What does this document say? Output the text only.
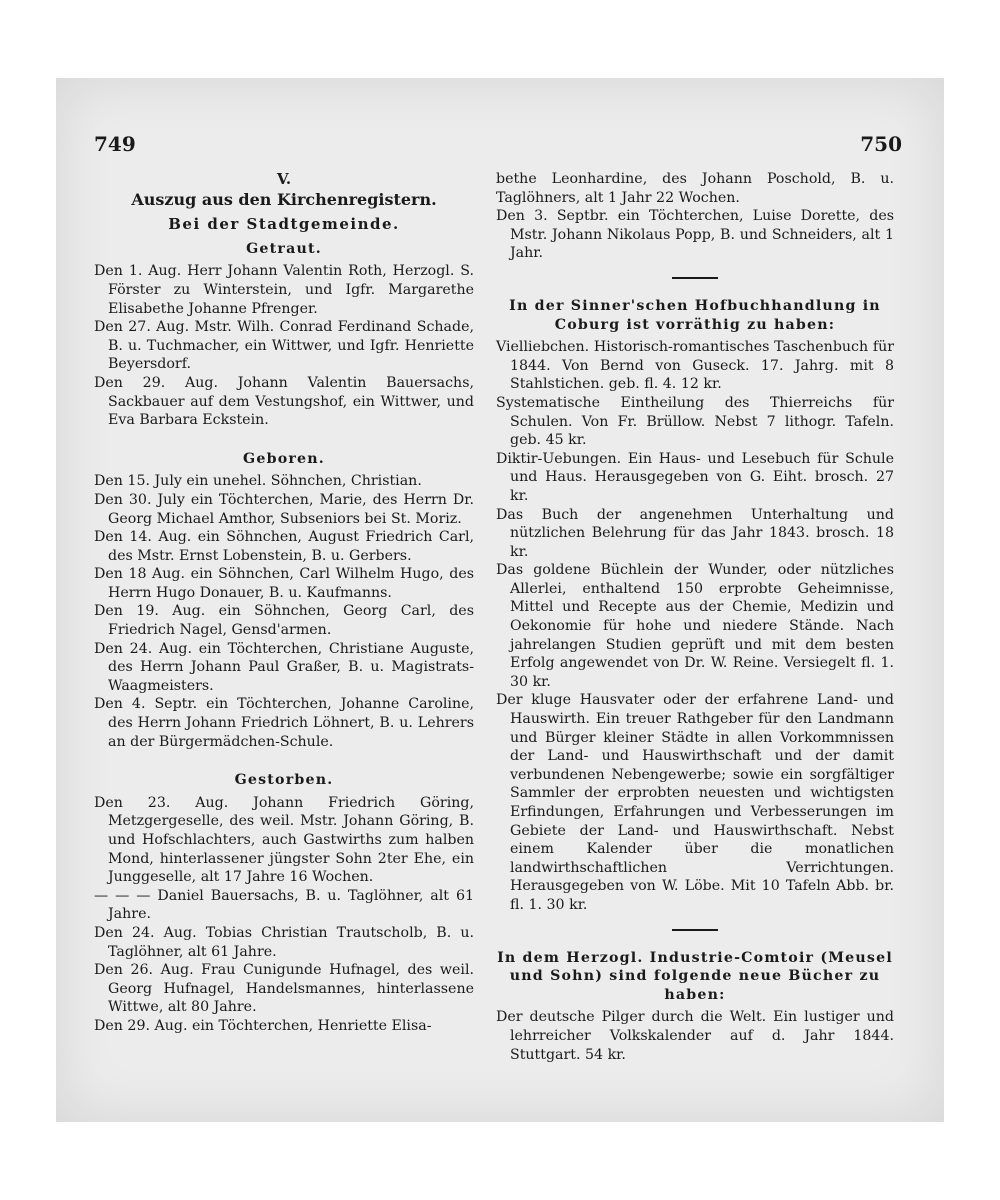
749	750
V.
Auszug aus den Kirchenregistern.
Bei der Stadtgemeinde.
Getraut.

Den 1. Aug. Herr Johann Valentin Roth, Herzogl. S. Förster zu Winterstein, und Igfr. Margarethe Elisabethe Johanne Pfrenger.

Den 27. Aug. Mstr. Wilh. Conrad Ferdinand Schade, B. u. Tuchmacher, ein Wittwer, und Igfr. Henriette Beyersdorf.

Den 29. Aug. Johann Valentin Bauersachs, Sackbauer auf dem Vestungshof, ein Wittwer, und Eva Barbara Eckstein.

Geboren.

Den 15. July ein unehel. Söhnchen, Christian.

Den 30. July ein Töchterchen, Marie, des Herrn Dr. Georg Michael Amthor, Subseniors bei St. Moriz.

Den 14. Aug. ein Söhnchen, August Friedrich Carl, des Mstr. Ernst Lobenstein, B. u. Gerbers.

Den 18 Aug. ein Söhnchen, Carl Wilhelm Hugo, des Herrn Hugo Donauer, B. u. Kaufmanns.

Den 19. Aug. ein Söhnchen, Georg Carl, des Friedrich Nagel, Gensd'armen.

Den 24. Aug. ein Töchterchen, Christiane Auguste, des Herrn Johann Paul Graßer, B. u. Magistrats-Waagmeisters.

Den 4. Septr. ein Töchterchen, Johanne Caroline, des Herrn Johann Friedrich Löhnert, B. u. Lehrers an der Bürgermädchen-Schule.

Gestorben.

Den 23. Aug. Johann Friedrich Göring, Metzgergeselle, des weil. Mstr. Johann Göring, B. und Hofschlachters, auch Gastwirths zum halben Mond, hinterlassener jüngster Sohn 2ter Ehe, ein Junggeselle, alt 17 Jahre 16 Wochen.

— — — Daniel Bauersachs, B. u. Taglöhner, alt 61 Jahre.

Den 24. Aug. Tobias Christian Trautscholb, B. u. Taglöhner, alt 61 Jahre.

Den 26. Aug. Frau Cunigunde Hufnagel, des weil. Georg Hufnagel, Handelsmannes, hinterlassene Wittwe, alt 80 Jahre.

Den 29. Aug. ein Töchterchen, Henriette Elisa-

bethe Leonhardine, des Johann Poschold, B. u. Taglöhners, alt 1 Jahr 22 Wochen.

Den 3. Septbr. ein Töchterchen, Luise Dorette, des Mstr. Johann Nikolaus Popp, B. und Schneiders, alt 1 Jahr.

In der Sinner'schen Hofbuchhandlung in Coburg ist vorräthig zu haben:

Vielliebchen. Historisch-romantisches Taschenbuch für 1844. Von Bernd von Guseck. 17. Jahrg. mit 8 Stahlstichen. geb. fl. 4. 12 kr.

Systematische Eintheilung des Thierreichs für Schulen. Von Fr. Brüllow. Nebst 7 lithogr. Tafeln. geb. 45 kr.

Diktir-Uebungen. Ein Haus- und Lesebuch für Schule und Haus. Herausgegeben von G. Eiht. brosch. 27 kr.

Das Buch der angenehmen Unterhaltung und nützlichen Belehrung für das Jahr 1843. brosch. 18 kr.

Das goldene Büchlein der Wunder, oder nützliches Allerlei, enthaltend 150 erprobte Geheimnisse, Mittel und Recepte aus der Chemie, Medizin und Oekonomie für hohe und niedere Stände. Nach jahrelangen Studien geprüft und mit dem besten Erfolg angewendet von Dr. W. Reine. Versiegelt fl. 1. 30 kr.

Der kluge Hausvater oder der erfahrene Land- und Hauswirth. Ein treuer Rathgeber für den Landmann und Bürger kleiner Städte in allen Vorkommnissen der Land- und Hauswirthschaft und der damit verbundenen Nebengewerbe; sowie ein sorgfältiger Sammler der erprobten neuesten und wichtigsten Erfindungen, Erfahrungen und Verbesserungen im Gebiete der Land- und Hauswirthschaft. Nebst einem Kalender über die monatlichen landwirthschaftlichen Verrichtungen. Herausgegeben von W. Löbe. Mit 10 Tafeln Abb. br. fl. 1. 30 kr.

In dem Herzogl. Industrie-Comtoir (Meusel und Sohn) sind folgende neue Bücher zu haben:

Der deutsche Pilger durch die Welt. Ein lustiger und lehrreicher Volkskalender auf d. Jahr 1844. Stuttgart. 54 kr.
